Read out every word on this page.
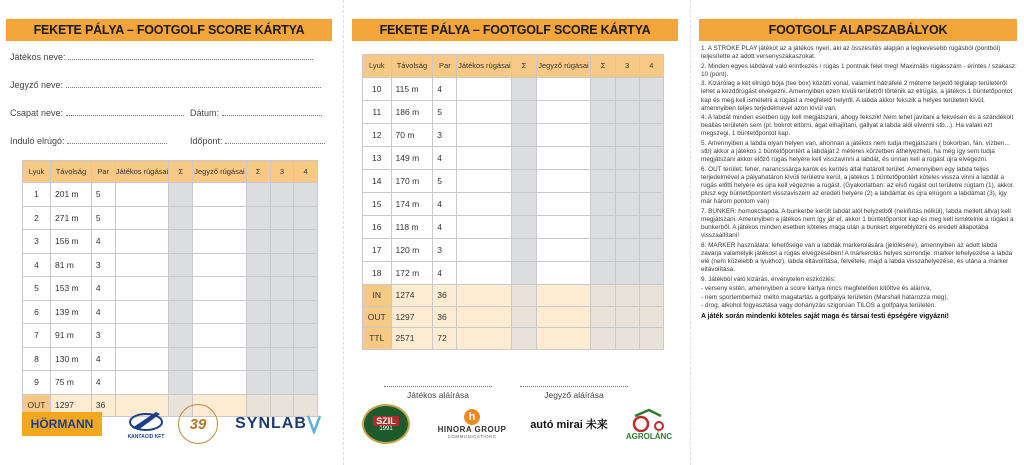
FEKETE PÁLYA – FOOTGOLF SCORE KÁRTYA
Játékos neve:
Jegyző neve:
Csapat neve:	Dátum:
Induló elrúgó:	Időpont:
Lyuk	Távolság	Par	Játékos rúgásai	Σ	Jegyző rúgásai	Σ	3	4
1	201 m	5						
2	271 m	5						
3	156 m	4						
4	81 m	3						
5	153 m	4						
6	139 m	4						
7	91 m	3						
8	130 m	4						
9	75 m	4						
OUT	1297	36						
HÖRMANN
KANTACID KFT
39 SYNLAB
FEKETE PÁLYA – FOOTGOLF SCORE KÁRTYA
Lyuk	Távolság	Par	Játékos rúgásai	Σ	Jegyző rúgásai	Σ	3	4
10	115 m	4						
11	186 m	5						
12	70 m	3						
13	149 m	4						
14	170 m	5						
15	174 m	4						
16	118 m	4						
17	120 m	3						
18	172 m	4						
IN	1274	36						
OUT	1297	36						
TTL	2571	72						
Játékos aláírása	Jegyző aláírása
SZIL
1991
h
HINORA GROUP
COMMUNICATIONS
autó mirai 未来
AGROLÁNC
FOOTGOLF ALAPSZABÁLYOK

1. A STROKE PLAY játékot az a játékos nyeri, aki az összesítés alapján a legkevesebb rúgásból (pontból) teljesítette az adott versenyszakaszokat.

2. Minden egyes labdával való érintkezés / rúgás 1 pontnak felel meg! Maximális rúgásszám - érintés / szakasz: 10 (pont).

3. Kizárólag a két elrúgó bója (tee box) közötti vonal, valamint hátrafelé 2 méterre terjedő téglalap területéről lehet a kezdőrúgást elvégezni. Amennyiben ezen kívüli területről történik az elrúgás, a játékos 1 büntetőpontot kap és meg kell ismételni a rúgást a megfelelő helyről. A labda akkor fekszik a helyes területen kívül, amennyiben teljes terjedelmével azon kívül van.

4. A labdát minden esetben úgy kell megjátszani, ahogy fekszik! Nem lehet javítani a fekvésén és a szándékolt beállás területén sem (pl. bokrot eltörni, ágat elhajlítani, gallyat a labda alól elvenni stb...). Ha valaki ezt megszegi, 1 büntetőpontot kap.

5. Amennyiben a labda olyan helyen van, ahonnan a játékos nem tudja megjátszani ( bokorban, fán, vízben... stb) akkor a játékos 1 büntetőpontért a labdáját 2 méteres körzetben áthelyezheti, ha még így sem tudja megjátszani akkor előző rúgás helyére kell visszavinni a labdát, és onnan kell a rúgást újra elvégezni.

6. OUT terület: fehér, narancssárga karók és kerítés által határolt terület. Amennyiben egy labda teljes terjedelmével a pályahatáron kívüli területre kerül, a játékos 1 büntetőpontért köteles vissza vinni a labdát a rúgás előtti helyére és újra kell végeznie a rúgást. (Gyakorlatban: az első rúgást out területre rúgtam (1), akkor plusz egy büntetőpontért visszaviszem az eredeti helyére (2) a labdámat és újra elrúgom a labdámat (3), így már három pontom van)

7. BUNKER: homokcsapda. A bunkerbe került labdát alól helyzetből (nekifutás nélkül), labda mellett állva) kell megjátszani. Amennyiben a játékos nem így jár el, akkor 1 büntetőpontot kap és meg kell ismételnie a rúgást a bunkerből. A játékos minden esetben köteles maga után a bunkert elgereblyézni és eredeti állapotába visszaállítani!

8. MARKER használata: lehetősége van a labdák markerolására (jelölésére), amennyiben az adott labda zavarja valamelyik játékost a rúgás elvégzésében! A markerolás helyes sorrendje: marker lehelyezése a labda elé (nem közelebb a lyukhoz), labda eltávolítása, felvétele, majd a labda visszahelyezése, és utána a marker eltávolítása.

9. Játékból való kizárás, érvénytelen eszközlés:

- verseny estén, amennyiben a score kártya nincs megfelelően kitöltve és aláírva,

- nem sportemberhez méltó magatartás a golfpálya területén (Marshall határozza meg),

- drog, alkohol fogyasztása vagy dohányzás szigorúan TILOS a golfpálya területén.

A játék során mindenki köteles saját maga és társai testi épségére vigyázni!
